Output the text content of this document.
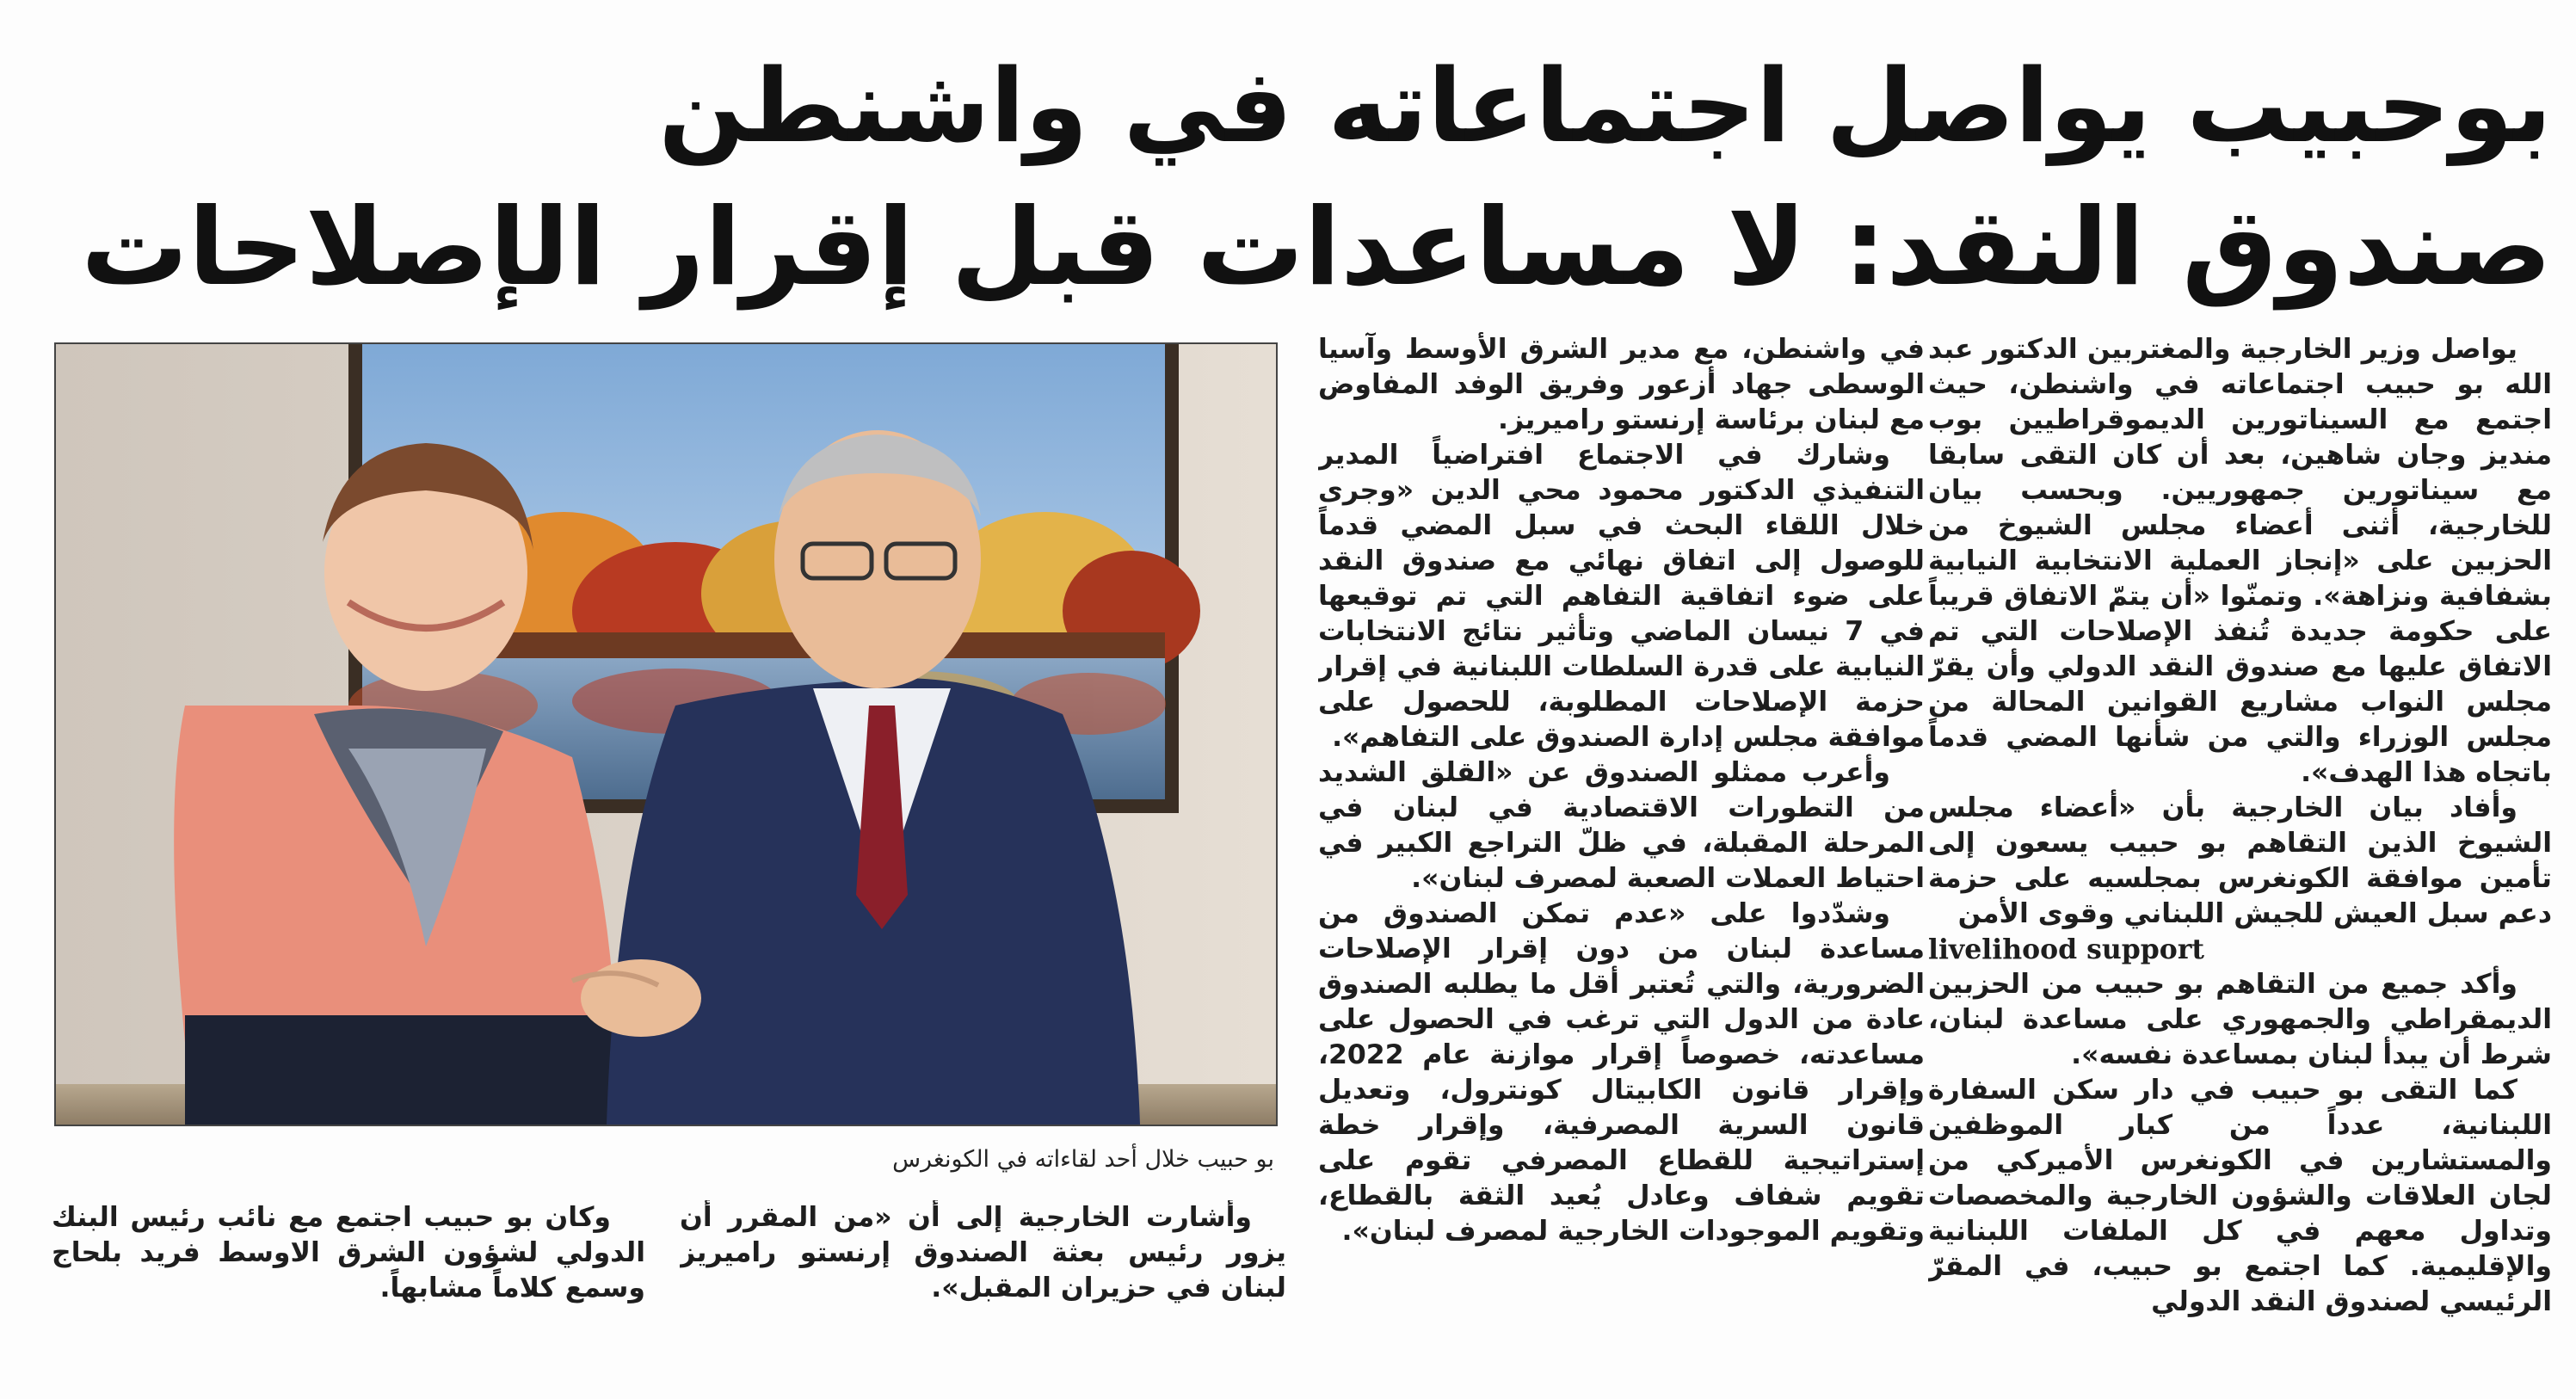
بوحبيب يواصل اجتماعاته في واشنطن
صندوق النقد: لا مساعدات قبل إقرار الإصلاحات

يواصل وزير الخارجية والمغتربين الدكتور عبد الله بو حبيب اجتماعاته في واشنطن، حيث اجتمع مع السيناتورين الديموقراطيين بوب منديز وجان شاهين، بعد أن كان التقى سابقا مع سيناتورين جمهوريين. وبحسب بيان للخارجية، أثنى أعضاء مجلس الشيوخ من الحزبين على «إنجاز العملية الانتخابية النيابية بشفافية ونزاهة». وتمنّوا «أن يتمّ الاتفاق قريباً على حكومة جديدة تُنفذ الإصلاحات التي تم الاتفاق عليها مع صندوق النقد الدولي وأن يقرّ مجلس النواب مشاريع القوانين المحالة من مجلس الوزراء والتي من شأنها المضي قدماً باتجاه هذا الهدف».

وأفاد بيان الخارجية بأن «أعضاء مجلس الشيوخ الذين التقاهم بو حبيب يسعون إلى تأمين موافقة الكونغرس بمجلسيه على حزمة دعم سبل العيش للجيش اللبناني وقوى الأمن

livelihood support

وأكد جميع من التقاهم بو حبيب من الحزبين الديمقراطي والجمهوري على مساعدة لبنان، شرط أن يبدأ لبنان بمساعدة نفسه».

كما التقى بو حبيب في دار سكن السفارة اللبنانية، عدداً من كبار الموظفين والمستشارين في الكونغرس الأميركي من لجان العلاقات والشؤون الخارجية والمخصصات وتداول معهم في كل الملفات اللبنانية والإقليمية. كما اجتمع بو حبيب، في المقرّ الرئيسي لصندوق النقد الدولي

في واشنطن، مع مدير الشرق الأوسط وآسيا الوسطى جهاد أزعور وفريق الوفد المفاوض مع لبنان برئاسة إرنستو راميريز.

وشارك في الاجتماع افتراضياً المدير التنفيذي الدكتور محمود محي الدين «وجرى خلال اللقاء البحث في سبل المضي قدماً للوصول إلى اتفاق نهائي مع صندوق النقد على ضوء اتفاقية التفاهم التي تم توقيعها في 7 نيسان الماضي وتأثير نتائج الانتخابات النيابية على قدرة السلطات اللبنانية في إقرار حزمة الإصلاحات المطلوبة، للحصول على موافقة مجلس إدارة الصندوق على التفاهم».

وأعرب ممثلو الصندوق عن «القلق الشديد من التطورات الاقتصادية في لبنان في المرحلة المقبلة، في ظلّ التراجع الكبير في احتياط العملات الصعبة لمصرف لبنان».

وشدّدوا على «عدم تمكن الصندوق من مساعدة لبنان من دون إقرار الإصلاحات الضرورية، والتي تُعتبر أقل ما يطلبه الصندوق عادة من الدول التي ترغب في الحصول على مساعدته، خصوصاً إقرار موازنة عام 2022، وإقرار قانون الكابيتال كونترول، وتعديل قانون السرية المصرفية، وإقرار خطة إستراتيجية للقطاع المصرفي تقوم على تقويم شفاف وعادل يُعيد الثقة بالقطاع، وتقويم الموجودات الخارجية لمصرف لبنان».

بو حبيب خلال أحد لقاءاته في الكونغرس

وأشارت الخارجية إلى أن «من المقرر أن يزور رئيس بعثة الصندوق إرنستو راميريز لبنان في حزيران المقبل».

وكان بو حبيب اجتمع مع نائب رئيس البنك الدولي لشؤون الشرق الاوسط فريد بلحاج وسمع كلاماً مشابهاً.
